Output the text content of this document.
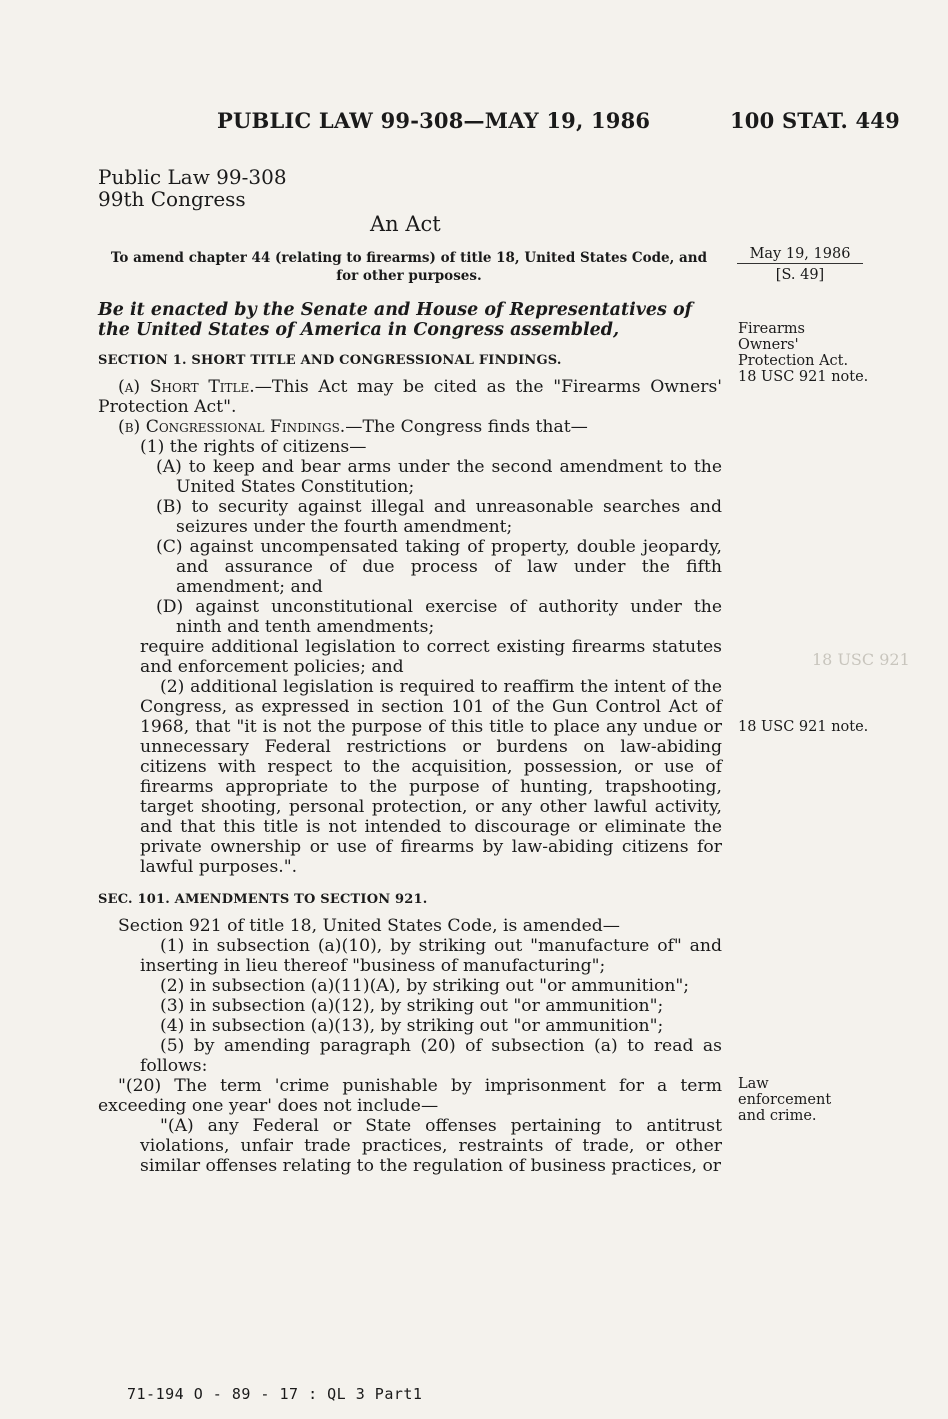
18 USC 921
PUBLIC LAW 99-308—MAY 19, 1986	100 STAT. 449
Public Law 99-308
99th Congress
An Act
To amend chapter 44 (relating to firearms) of title 18, United States Code, and for other purposes.
Be it enacted by the Senate and House of Representatives of the United States of America in Congress assembled,
May 19, 1986
[S. 49]
Firearms
Owners'
Protection Act.
18 USC 921 note.
18 USC 921 note.
Law
enforcement
and crime.

SECTION 1. SHORT TITLE AND CONGRESSIONAL FINDINGS.

(a) Short Title.—This Act may be cited as the "Firearms Owners' Protection Act".

(b) Congressional Findings.—The Congress finds that—

(1) the rights of citizens—

(A) to keep and bear arms under the second amendment to the United States Constitution;

(B) to security against illegal and unreasonable searches and seizures under the fourth amendment;

(C) against uncompensated taking of property, double jeopardy, and assurance of due process of law under the fifth amendment; and

(D) against unconstitutional exercise of authority under the ninth and tenth amendments;

require additional legislation to correct existing firearms statutes and enforcement policies; and

(2) additional legislation is required to reaffirm the intent of the Congress, as expressed in section 101 of the Gun Control Act of 1968, that "it is not the purpose of this title to place any undue or unnecessary Federal restrictions or burdens on law-abiding citizens with respect to the acquisition, possession, or use of firearms appropriate to the purpose of hunting, trapshooting, target shooting, personal protection, or any other lawful activity, and that this title is not intended to discourage or eliminate the private ownership or use of firearms by law-abiding citizens for lawful purposes.".

SEC. 101. AMENDMENTS TO SECTION 921.

Section 921 of title 18, United States Code, is amended—

(1) in subsection (a)(10), by striking out "manufacture of" and inserting in lieu thereof "business of manufacturing";

(2) in subsection (a)(11)(A), by striking out "or ammunition";

(3) in subsection (a)(12), by striking out "or ammunition";

(4) in subsection (a)(13), by striking out "or ammunition";

(5) by amending paragraph (20) of subsection (a) to read as follows:

"(20) The term 'crime punishable by imprisonment for a term exceeding one year' does not include—

"(A) any Federal or State offenses pertaining to antitrust violations, unfair trade practices, restraints of trade, or other similar offenses relating to the regulation of business practices, or

71-194 O - 89 - 17 : QL 3 Part1
